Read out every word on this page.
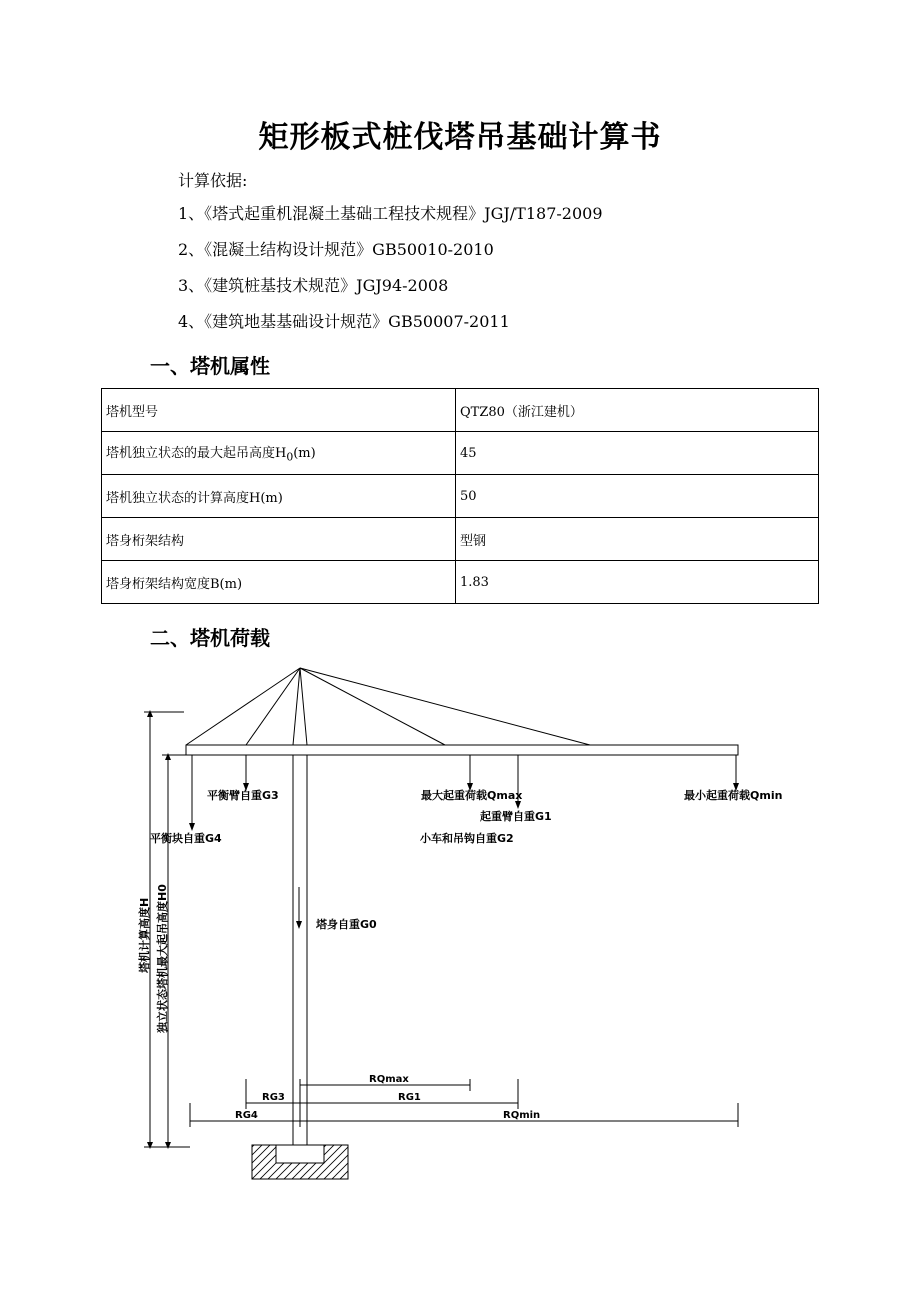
矩形板式桩伐塔吊基础计算书
计算依据:
1、《塔式起重机混凝土基础工程技术规程》JGJ/T187-2009
2、《混凝土结构设计规范》GB50010-2010
3、《建筑桩基技术规范》JGJ94-2008
4、《建筑地基基础设计规范》GB50007-2011
一、塔机属性
塔机型号	QTZ80（浙江建机）
塔机独立状态的最大起吊高度$H_0(m)$	45
塔机独立状态的计算高度H(m)	50
塔身桁架结构	型钢
塔身桁架结构宽度B(m)	1.83
二、塔机荷载
平衡臂自重G3	最大起重荷载Qmax
起重臂自重G1
最小起重荷载Qmin
平衡块自重G4	小车和吊钩自重G2
塔身自重G0
塔机计算高度H 独立状态塔机最大起吊高度H0
RQmax
RG3	RG1
RG4	RQmin
